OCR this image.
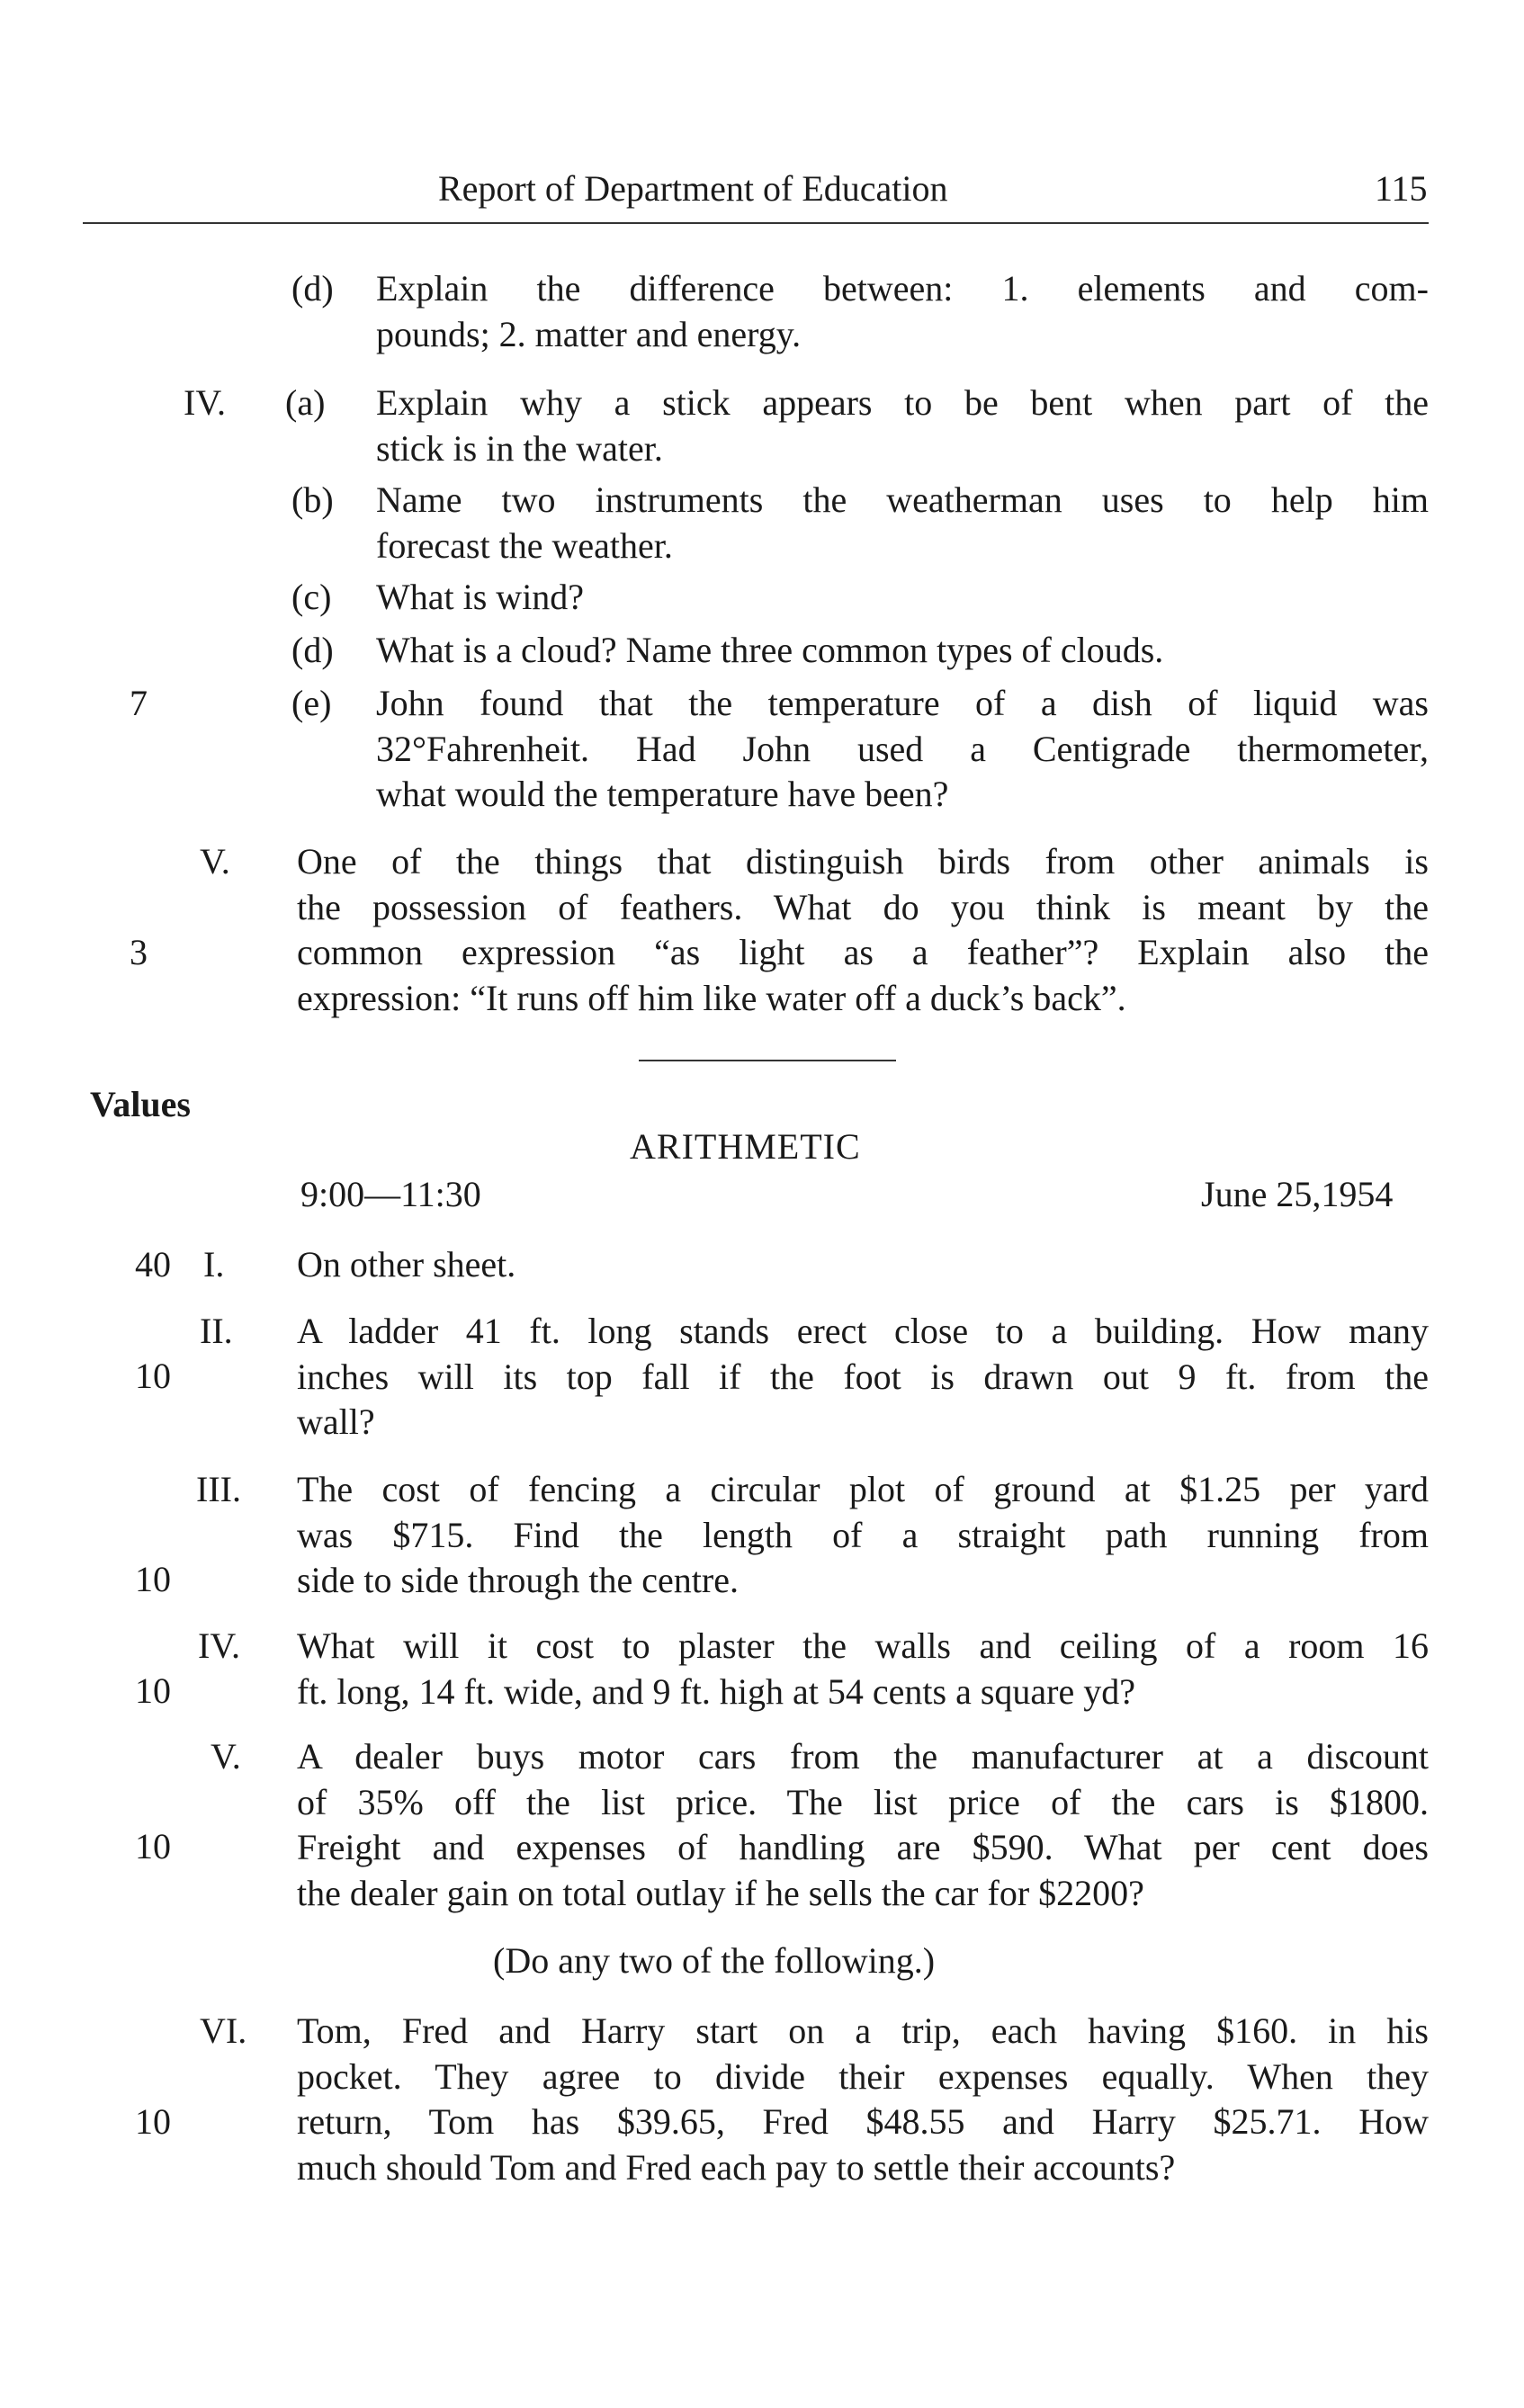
Report of Department of Education	115
(d) Explain the difference between: 1. elements and com-
pounds; 2. matter and energy.
IV.
7
(a) Explain why a stick appears to be bent when part of the
stick is in the water.
(b) Name two instruments the weatherman uses to help him
forecast the weather.
(c) What is wind?
(d) What is a cloud? Name three common types of clouds.
(e) John found that the temperature of a dish of liquid was
32°Fahrenheit. Had John used a Centigrade thermometer,
what would the temperature have been?
V.
3
One of the things that distinguish birds from other animals is
the possession of feathers. What do you think is meant by the
common expression “as light as a feather”? Explain also the
expression: “It runs off him like water off a duck’s back”.
Values
ARITHMETIC
9:00—11:30	June 25,1954
40 I. On other sheet.
II.
10
A ladder 41 ft. long stands erect close to a building. How many
inches will its top fall if the foot is drawn out 9 ft. from the
wall?
III.
10
The cost of fencing a circular plot of ground at $1.25 per yard
was $715. Find the length of a straight path running from
side to side through the centre.
IV.
10
What will it cost to plaster the walls and ceiling of a room 16
ft. long, 14 ft. wide, and 9 ft. high at 54 cents a square yd?
V.
10
A dealer buys motor cars from the manufacturer at a discount
of 35% off the list price. The list price of the cars is $1800.
Freight and expenses of handling are $590. What per cent does
the dealer gain on total outlay if he sells the car for $2200?
(Do any two of the following.)
VI.
10
Tom, Fred and Harry start on a trip, each having $160. in his
pocket. They agree to divide their expenses equally. When they
return, Tom has $39.65, Fred $48.55 and Harry $25.71. How
much should Tom and Fred each pay to settle their accounts?
